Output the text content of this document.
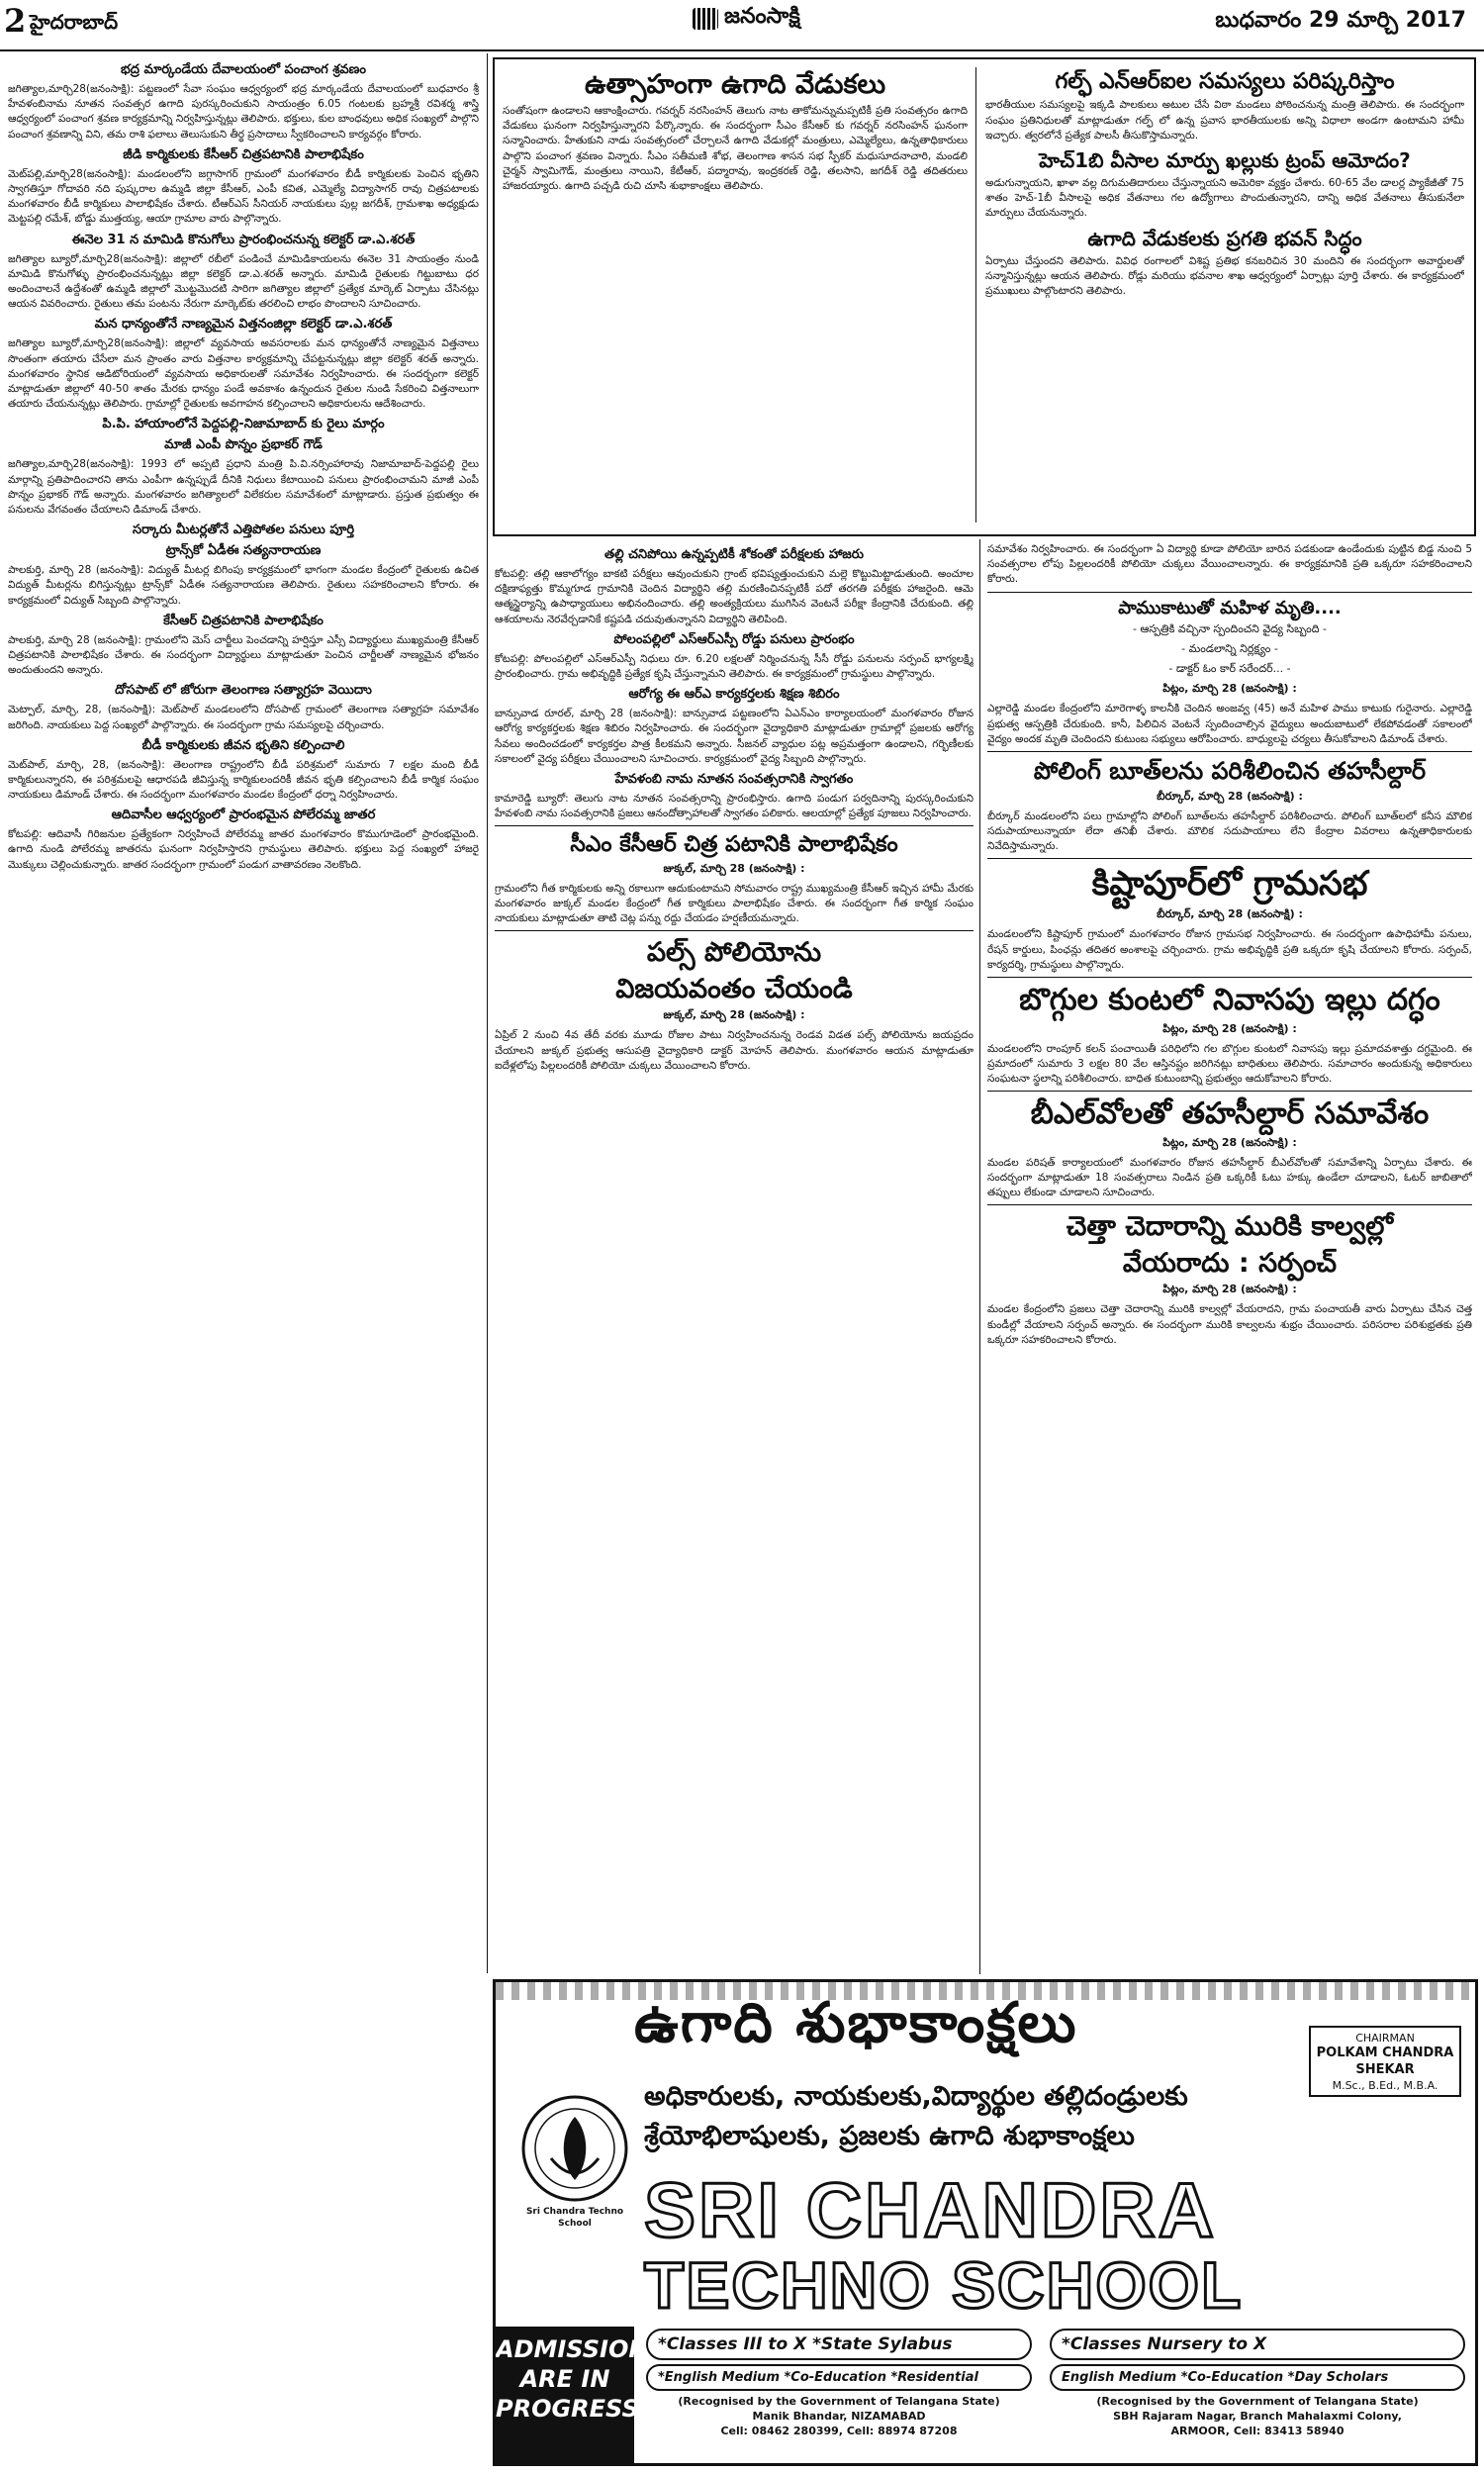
2 హైదరాబాద్	జనంసాక్షి	బుధవారం 29 మార్చి 2017
భద్ర మార్కండేయ దేవాలయంలో పంచాంగ శ్రవణం
జగిత్యాల,మార్చి28(జనంసాక్షి): పట్టణంలో సేవా సంఘం ఆధ్వర్యంలో భద్ర మార్కండేయ దేవాలయంలో బుధవారం శ్రీ హేవళంబినామ నూతన సంవత్సర ఉగాది పురస్కరించుకుని సాయంత్రం 6.05 గంటలకు బ్రహ్మశ్రీ రవిశర్మ శాస్త్రి ఆధ్వర్యంలో పంచాంగ శ్రవణ కార్యక్రమాన్ని నిర్వహిస్తున్నట్లు తెలిపారు. భక్తులు, కుల బాంధవులు అధిక సంఖ్యలో పాల్గొని పంచాంగ శ్రవణాన్ని విని, తమ రాశి ఫలాలు తెలుసుకుని తీర్థ ప్రసాదాలు స్వీకరించాలని కార్యవర్గం కోరారు.
జీడి కార్మికులకు కేసీఆర్ చిత్రపటానికి పాలాభిషేకం
మెట్‌పల్లి,మార్చి28(జనంసాక్షి): మండలంలోని జగ్గాసాగర్ గ్రామంలో మంగళవారం బీడీ కార్మికులకు పెంచిన భృతిని స్వాగతిస్తూ గోదావరి నది పుష్కరాల ఉమ్మడి జిల్లా కేసీఆర్, ఎంపీ కవిత, ఎమ్మెల్యే విద్యాసాగర్ రావు చిత్రపటాలకు మంగళవారం బీడీ కార్మికులు పాలాభిషేకం చేశారు. టీఆర్ఎస్ సీనియర్ నాయకులు పుల్ల జగదీశ్, గ్రామశాఖ అధ్యక్షుడు మెట్టపల్లి రమేశ్, బోడ్డు ముత్తయ్య, ఆయా గ్రామాల వారు పాల్గొన్నారు.
ఈనెల 31 న మామిడి కొనుగోలు ప్రారంభించనున్న కలెక్టర్ డా.ఎ.శరత్
జగిత్యాల బ్యూరో,మార్చి28(జనంసాక్షి): జిల్లాలో రబీలో పండించే మామిడికాయలను ఈనెల 31 సాయంత్రం నుండి మామిడి కొనుగోళ్ళు ప్రారంభించనున్నట్లు జిల్లా కలెక్టర్ డా.ఎ.శరత్ అన్నారు. మామిడి రైతులకు గిట్టుబాటు ధర అందించాలనే ఉద్దేశంతో ఉమ్మడి జిల్లాలో మొట్టమొదటి సారిగా జగిత్యాల జిల్లాలో ప్రత్యేక మార్కెట్ ఏర్పాటు చేసినట్లు ఆయన వివరించారు. రైతులు తమ పంటను నేరుగా మార్కెట్‌కు తరలించి లాభం పొందాలని సూచించారు.
మన ధాన్యంతోనే నాణ్యమైన విత్తనంజిల్లా కలెక్టర్ డా.ఎ.శరత్
జగిత్యాల బ్యూరో,మార్చి28(జనంసాక్షి): జిల్లాలో వ్యవసాయ అవసరాలకు మన ధాన్యంతోనే నాణ్యమైన విత్తనాలు సొంతంగా తయారు చేసేలా మన ప్రాంతం వారు విత్తనాల కార్యక్రమాన్ని చేపట్టనున్నట్లు జిల్లా కలెక్టర్ శరత్ అన్నారు. మంగళవారం స్థానిక ఆడిటోరియంలో వ్యవసాయ అధికారులతో సమావేశం నిర్వహించారు. ఈ సందర్భంగా కలెక్టర్ మాట్లాడుతూ జిల్లాలో 40-50 శాతం మేరకు ధాన్యం పండే అవకాశం ఉన్నందున రైతుల నుండి సేకరించి విత్తనాలుగా తయారు చేయనున్నట్లు తెలిపారు. గ్రామాల్లో రైతులకు అవగాహన కల్పించాలని అధికారులను ఆదేశించారు.
పి.పి. హాయాంలోనే పెద్దపల్లి-నిజామాబాద్ కు రైలు మార్గం
మాజీ ఎంపీ పొన్నం ప్రభాకర్ గౌడ్
జగిత్యాల,మార్చి28(జనంసాక్షి): 1993 లో అప్పటి ప్రధాని మంత్రి పి.వి.నర్సింహారావు నిజామాబాద్-పెద్దపల్లి రైలు మార్గాన్ని ప్రతిపాదించారని తాను ఎంపీగా ఉన్నప్పుడే దీనికి నిధులు కేటాయించి పనులు ప్రారంభించామని మాజీ ఎంపీ పొన్నం ప్రభాకర్ గౌడ్ అన్నారు. మంగళవారం జగిత్యాలలో విలేకరుల సమావేశంలో మాట్లాడారు. ప్రస్తుత ప్రభుత్వం ఈ పనులను వేగవంతం చేయాలని డిమాండ్ చేశారు.
సర్కారు మీటర్లతోనే ఎత్తిపోతల పనులు పూర్తి
ట్రాన్స్‌కో ఏడీఈ సత్యనారాయణ
పాలకుర్తి, మార్చి 28 (జనంసాక్షి): విద్యుత్ మీటర్ల బిగింపు కార్యక్రమంలో భాగంగా మండల కేంద్రంలో రైతులకు ఉచిత విద్యుత్ మీటర్లను బిగిస్తున్నట్లు ట్రాన్స్‌కో ఏడీఈ సత్యనారాయణ తెలిపారు. రైతులు సహకరించాలని కోరారు. ఈ కార్యక్రమంలో విద్యుత్ సిబ్బంది పాల్గొన్నారు.
కేసీఆర్ చిత్రపటానికి పాలాభిషేకం
పాలకుర్తి, మార్చి 28 (జనంసాక్షి): గ్రామంలోని మెస్ చార్జీలు పెంచడాన్ని హర్షిస్తూ ఎస్సీ విద్యార్థులు ముఖ్యమంత్రి కేసీఆర్ చిత్రపటానికి పాలాభిషేకం చేశారు. ఈ సందర్భంగా విద్యార్థులు మాట్లాడుతూ పెంచిన చార్జీలతో నాణ్యమైన భోజనం అందుతుందని అన్నారు.
దోసపాట్ లో జోరుగా తెలంగాణ సత్యాగ్రహ వెయిదాు
మెట్పాల్, మార్చి, 28, (జనంసాక్షి): మెట్‌పాల్ మండలంలోని దోసపాట్ గ్రామంలో తెలంగాణ సత్యాగ్రహ సమావేశం జరిగింది. నాయకులు పెద్ద సంఖ్యలో పాల్గొన్నారు. ఈ సందర్భంగా గ్రామ సమస్యలపై చర్చించారు.
బీడీ కార్మికులకు జీవన భృతిని కల్పించాలి
మెట్‌పాల్, మార్చి, 28, (జనంసాక్షి): తెలంగాణ రాష్ట్రంలోని బీడీ పరిశ్రమలో సుమారు 7 లక్షల మంది బీడీ కార్మికులున్నారని, ఈ పరిశ్రమలపై ఆధారపడి జీవిస్తున్న కార్మికులందరికీ జీవన భృతి కల్పించాలని బీడీ కార్మిక సంఘం నాయకులు డిమాండ్ చేశారు. ఈ సందర్భంగా మంగళవారం మండల కేంద్రంలో ధర్నా నిర్వహించారు.
ఆదివాసీల ఆధ్వర్యంలో ప్రారంభమైన పోలేరమ్మ జాతర
కోటపల్లి: ఆదివాసీ గిరిజనుల ప్రత్యేకంగా నిర్వహించే పోలేరమ్మ జాతర మంగళవారం కొముగూడెంలో ప్రారంభమైంది. ఉగాది నుండి పోలేరమ్మ జాతరను ఘనంగా నిర్వహిస్తారని గ్రామస్థులు తెలిపారు. భక్తులు పెద్ద సంఖ్యలో హాజరై మొక్కులు చెల్లించుకున్నారు. జాతర సందర్భంగా గ్రామంలో పండుగ వాతావరణం నెలకొంది.
ఉత్సాహంగా ఉగాది వేడుకలు
సంతోషంగా ఉండాలని ఆకాంక్షించారు. గవర్నర్ నరసింహన్ తెలుగు నాట తాకోమన్నుమప్పటికీ ప్రతి సంవత్సరం ఉగాది వేడుకలు ఘనంగా నిర్వహిస్తున్నారని పేర్కొన్నారు. ఈ సందర్భంగా సీఎం కేసీఆర్ కు గవర్నర్ నరసింహన్ ఘనంగా సన్మానించారు. హేతుకుని నాడు సంవత్సరంలో చేర్చాలనే ఉగాది వేడుకల్లో మంత్రులు, ఎమ్మెల్యేలు, ఉన్నతాధికారులు పాల్గొని పంచాంగ శ్రవణం విన్నారు. సీఎం సతీమణి శోభ, తెలంగాణ శాసన సభ స్పీకర్ మధుసూదనాచారి, మండలి చైర్మన్ స్వామిగౌడ్, మంత్రులు నాయిని, కేటీఆర్, పద్మారావు, ఇంద్రకరణ్ రెడ్డి, తలసాని, జగదీశ్ రెడ్డి తదితరులు హాజరయ్యారు. ఉగాది పచ్చడి రుచి చూసి శుభాకాంక్షలు తెలిపారు.
గల్ఫ్ ఎన్ఆర్ఐల సమస్యలు పరిష్కరిస్తాం
భారతీయుల సమస్యలపై ఇక్కడి పాలకులు అటుల చేసే విఠా మండలు పోఠించనున్న మంత్రి తెలిపారు. ఈ సందర్భంగా సంఘం ప్రతినిధులతో మాట్లాడుతూ గల్ఫ్ లో ఉన్న ప్రవాస భారతీయులకు అన్ని విధాలా అండగా ఉంటామని హామీ ఇచ్చారు. త్వరలోనే ప్రత్యేక పాలసీ తీసుకొస్తామన్నారు.
హెచ్1బి వీసాల మార్పు ఖల్లుకు ట్రంప్ ఆమోదం?
అడుగున్నాయని, ఖాళా వల్ల దిగుమతిదారులు చేస్తున్నాయని అమెరికా వ్యక్తం చేశారు. 60-65 వేల డాలర్ల ప్యాకేజీతో 75 శాతం హెచ్-1బీ వీసాలపై అధిక వేతనాలు గల ఉద్యోగాలు పొందుతున్నారని, దాన్ని అధిక వేతనాలు తీసుకునేలా మార్పులు చేయనున్నారు.
ఉగాది వేడుకలకు ప్రగతి భవన్ సిద్ధం
ఏర్పాటు చేస్తుందని తెలిపారు. వివిధ రంగాలలో విశిష్ట ప్రతిభ కనబరిచిన 30 మందిని ఈ సందర్భంగా అవార్డులతో సన్మానిస్తున్నట్లు ఆయన తెలిపారు. రోడ్లు మరియు భవనాల శాఖ ఆధ్వర్యంలో ఏర్పాట్లు పూర్తి చేశారు. ఈ కార్యక్రమంలో ప్రముఖులు పాల్గొంటారని తెలిపారు.
తల్లి చనిపోయి ఉన్నప్పటికీ శోకంతో పరీక్షలకు హాజరు
కోటపల్లి: తల్లి ఆకాలోగ్యం బాకటి పరీక్షలు ఆవుంచుకుని గ్రాంట్ భవిష్యత్తుంచుకుని మల్లె కొట్టుమిట్టాడుతుంది. అంచూల దక్షిణాఫ్యత్తు కొమ్మగూడ గ్రామానికి చెందిన విద్యార్థిని తల్లి మరణించినప్పటికీ పదో తరగతి పరీక్షకు హాజరైంది. ఆమె ఆత్మస్థైర్యాన్ని ఉపాధ్యాయులు అభినందించారు. తల్లి అంత్యక్రియలు ముగిసిన వెంటనే పరీక్షా కేంద్రానికి చేరుకుంది. తల్లి ఆశయాలను నెరవేర్చడానికే కష్టపడి చదువుతున్నానని విద్యార్థిని తెలిపింది.
పోలంపల్లిలో ఎస్ఆర్ఎస్పీ రోడ్డు పనులు ప్రారంభం
కోటపల్లి: పోలంపల్లిలో ఎస్ఆర్ఎస్పీ నిధులు రూ. 6.20 లక్షలతో నిర్మించనున్న సీసీ రోడ్డు పనులను సర్పంచ్ భాగ్యలక్ష్మి ప్రారంభించారు. గ్రామ అభివృద్ధికి ప్రత్యేక కృషి చేస్తున్నామని తెలిపారు. ఈ కార్యక్రమంలో గ్రామస్థులు పాల్గొన్నారు.
ఆరోగ్య ఈ ఆర్ఎ కార్యకర్తలకు శిక్షణ శిబిరం
బాన్సువాడ రూరల్, మార్చి 28 (జనంసాక్షి): బాన్సువాడ పట్టణంలోని ఏఎన్ఎం కార్యాలయంలో మంగళవారం రోజున ఆరోగ్య కార్యకర్తలకు శిక్షణ శిబిరం నిర్వహించారు. ఈ సందర్భంగా వైద్యాధికారి మాట్లాడుతూ గ్రామాల్లో ప్రజలకు ఆరోగ్య సేవలు అందించడంలో కార్యకర్తల పాత్ర కీలకమని అన్నారు. సీజనల్ వ్యాధుల పట్ల అప్రమత్తంగా ఉండాలని, గర్భిణీలకు సకాలంలో వైద్య పరీక్షలు చేయించాలని సూచించారు. కార్యక్రమంలో వైద్య సిబ్బంది పాల్గొన్నారు.
హేవళంబి నామ నూతన సంవత్సరానికి స్వాగతం
కామారెడ్డి బ్యూరో: తెలుగు నాట నూతన సంవత్సరాన్ని ప్రారంభిస్తారు. ఉగాది పండుగ పర్వదినాన్ని పురస్కరించుకుని హేవళంబి నామ సంవత్సరానికి ప్రజలు ఆనందోత్సాహాలతో స్వాగతం పలికారు. ఆలయాల్లో ప్రత్యేక పూజలు నిర్వహించారు.
సీఎం కేసీఆర్ చిత్ర పటానికి పాలాభిషేకం
జుక్కల్, మార్చి 28 (జనంసాక్షి) :
గ్రామంలోని గీత కార్మికులకు అన్ని రకాలుగా ఆదుకుంటామని సోమవారం రాష్ట్ర ముఖ్యమంత్రి కేసీఆర్ ఇచ్చిన హామీ మేరకు మంగళవారం జుక్కల్ మండల కేంద్రంలో గీత కార్మికులు పాలాభిషేకం చేశారు. ఈ సందర్భంగా గీత కార్మిక సంఘం నాయకులు మాట్లాడుతూ తాటి చెట్ల పన్ను రద్దు చేయడం హర్షణీయమన్నారు.
పల్స్ పోలియోను
విజయవంతం చేయండి
జుక్కల్, మార్చి 28 (జనంసాక్షి) :
ఏప్రిల్ 2 నుంచి 4వ తేదీ వరకు మూడు రోజుల పాటు నిర్వహించనున్న రెండవ విడత పల్స్ పోలియోను జయప్రదం చేయాలని జుక్కల్ ప్రభుత్వ ఆసుపత్రి వైద్యాధికారి డాక్టర్ మోహన్ తెలిపారు. మంగళవారం ఆయన మాట్లాడుతూ ఐదేళ్లలోపు పిల్లలందరికీ పోలియో చుక్కలు వేయించాలని కోరారు.
సమావేశం నిర్వహించారు. ఈ సందర్భంగా ఏ విద్యార్థి కూడా పోలియో బారిన పడకుండా ఉండేందుకు పుట్టిన బిడ్డ నుంచి 5 సంవత్సరాల లోపు పిల్లలందరికీ పోలియో చుక్కలు వేయించాలన్నారు. ఈ కార్యక్రమానికి ప్రతి ఒక్కరూ సహకరించాలని కోరారు.
పాముకాటుతో మహిళ మృతి....
- ఆస్పత్రికి వచ్చినా స్పందించని వైద్య సిబ్బంది -
- మండలాన్ని నిర్లక్ష్యం -
- డాక్టర్ ఓం కార్ సరేందర్... -
పిట్లం, మార్చి 28 (జనంసాక్షి) :
ఎల్లారెడ్డి మండల కేంద్రంలోని మారెగాళ్ళ కాలనీకి చెందిన అంజవ్వ (45) అనే మహిళ పాము కాటుకు గురైనారు. ఎల్లారెడ్డి ప్రభుత్వ ఆస్పత్రికి చేరుకుంది. కానీ, పిలిచిన వెంటనే స్పందించాల్సిన వైద్యులు అందుబాటులో లేకపోవడంతో సకాలంలో వైద్యం అందక మృతి చెందిందని కుటుంబ సభ్యులు ఆరోపించారు. బాధ్యులపై చర్యలు తీసుకోవాలని డిమాండ్ చేశారు.
పోలింగ్ బూత్‌లను పరిశీలించిన తహసీల్దార్
బీర్కూర్, మార్చి 28 (జనంసాక్షి) :
బీర్కూర్ మండలంలోని పలు గ్రామాల్లోని పోలింగ్ బూత్‌లను తహసీల్దార్ పరిశీలించారు. పోలింగ్ బూత్‌లలో కనీస మౌలిక సదుపాయాలున్నాయా లేదా తనిఖీ చేశారు. మౌలిక సదుపాయాలు లేని కేంద్రాల వివరాలు ఉన్నతాధికారులకు నివేదిస్తామన్నారు.
కిష్టాపూర్‌లో గ్రామసభ
బీర్కూర్, మార్చి 28 (జనంసాక్షి) :
మండలంలోని కిష్టాపూర్ గ్రామంలో మంగళవారం రోజున గ్రామసభ నిర్వహించారు. ఈ సందర్భంగా ఉపాధిహామీ పనులు, రేషన్ కార్డులు, పింఛన్లు తదితర అంశాలపై చర్చించారు. గ్రామ అభివృద్ధికి ప్రతి ఒక్కరూ కృషి చేయాలని కోరారు. సర్పంచ్, కార్యదర్శి, గ్రామస్థులు పాల్గొన్నారు.
బొగ్గుల కుంటలో నివాసపు ఇల్లు దగ్ధం
పిట్లం, మార్చి 28 (జనంసాక్షి) :
మండలంలోని రాంపూర్ కలన్ పంచాయితీ పరిధిలోని గల బొగ్గుల కుంటలో నివాసపు ఇల్లు ప్రమాదవశాత్తు దగ్ధమైంది. ఈ ప్రమాదంలో సుమారు 3 లక్షల 80 వేల ఆస్తినష్టం జరిగినట్లు బాధితులు తెలిపారు. సమాచారం అందుకున్న అధికారులు సంఘటనా స్థలాన్ని పరిశీలించారు. బాధిత కుటుంబాన్ని ప్రభుత్వం ఆదుకోవాలని కోరారు.
బీఎల్‌వోలతో తహసీల్దార్ సమావేశం
పిట్లం, మార్చి 28 (జనంసాక్షి) :
మండల పరిషత్ కార్యాలయంలో మంగళవారం రోజున తహసీల్దార్ బీఎల్‌వోలతో సమావేశాన్ని ఏర్పాటు చేశారు. ఈ సందర్భంగా మాట్లాడుతూ 18 సంవత్సరాలు నిండిన ప్రతి ఒక్కరికీ ఓటు హక్కు ఉండేలా చూడాలని, ఓటర్ జాబితాలో తప్పులు లేకుండా చూడాలని సూచించారు.
చెత్తా చెదారాన్ని మురికి కాల్వల్లో
వేయరాదు : సర్పంచ్
పిట్లం, మార్చి 28 (జనంసాక్షి) :
మండల కేంద్రంలోని ప్రజలు చెత్తా చెదారాన్ని మురికి కాల్వల్లో వేయరాదని, గ్రామ పంచాయతీ వారు ఏర్పాటు చేసిన చెత్త కుండీల్లో వేయాలని సర్పంచ్ అన్నారు. ఈ సందర్భంగా మురికి కాల్వలను శుభ్రం చేయించారు. పరిసరాల పరిశుభ్రతకు ప్రతి ఒక్కరూ సహకరించాలని కోరారు.
ఉగాది శుభాకాంక్షలు	CHAIRMAN
POLKAM CHANDRA SHEKAR
M.Sc., B.Ed., M.B.A.
అధికారులకు, నాయకులకు,విద్యార్థుల తల్లిదండ్రులకు
శ్రేయోభిలాషులకు, ప్రజలకు ఉగాది శుభాకాంక్షలు
Sri Chandra Techno School SRI CHANDRA
TECHNO SCHOOL
ADMISSION ARE IN PROGRESS
*Classes III to X *State Sylabus
*English Medium *Co-Education *Residential
(Recognised by the Government of Telangana State)
Manik Bhandar, NIZAMABAD
Cell: 08462 280399, Cell: 88974 87208
*Classes Nursery to X
English Medium *Co-Education *Day Scholars
(Recognised by the Government of Telangana State)
SBH Rajaram Nagar, Branch Mahalaxmi Colony,
ARMOOR, Cell: 83413 58940
